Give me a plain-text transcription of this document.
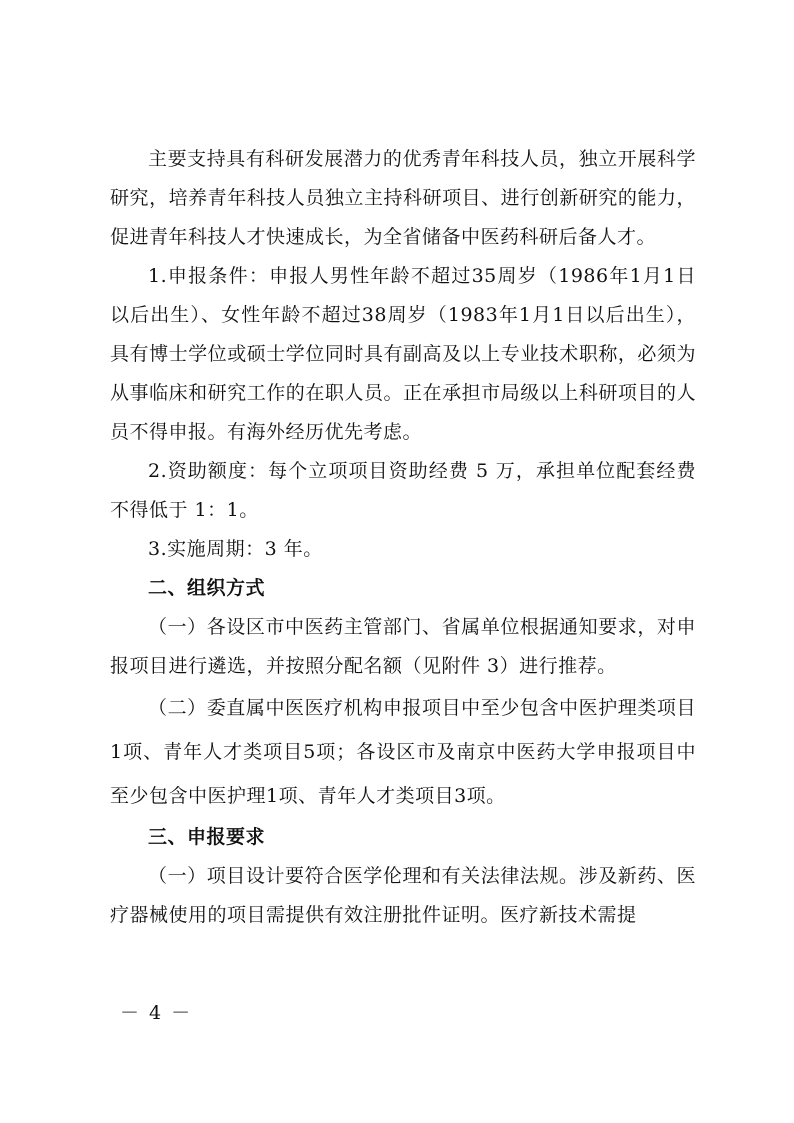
主要支持具有科研发展潜力的优秀青年科技人员，独立开展科学研究，培养青年科技人员独立主持科研项目、进行创新研究的能力，促进青年科技人才快速成长，为全省储备中医药科研后备人才。

1.申报条件：申报人男性年龄不超过35周岁（1986年1月1日以后出生）、女性年龄不超过38周岁（1983年1月1日以后出生），具有博士学位或硕士学位同时具有副高及以上专业技术职称，必须为从事临床和研究工作的在职人员。正在承担市局级以上科研项目的人员不得申报。有海外经历优先考虑。

2.资助额度：每个立项项目资助经费 5 万，承担单位配套经费不得低于 1：1。

3.实施周期：3 年。

二、组织方式

（一）各设区市中医药主管部门、省属单位根据通知要求，对申报项目进行遴选，并按照分配名额（见附件 3）进行推荐。

（二）委直属中医医疗机构申报项目中至少包含中医护理类项目1项、青年人才类项目5项；各设区市及南京中医药大学申报项目中至少包含中医护理1项、青年人才类项目3项。

三、申报要求

（一）项目设计要符合医学伦理和有关法律法规。涉及新药、医疗器械使用的项目需提供有效注册批件证明。医疗新技术需提

－ 4 －
